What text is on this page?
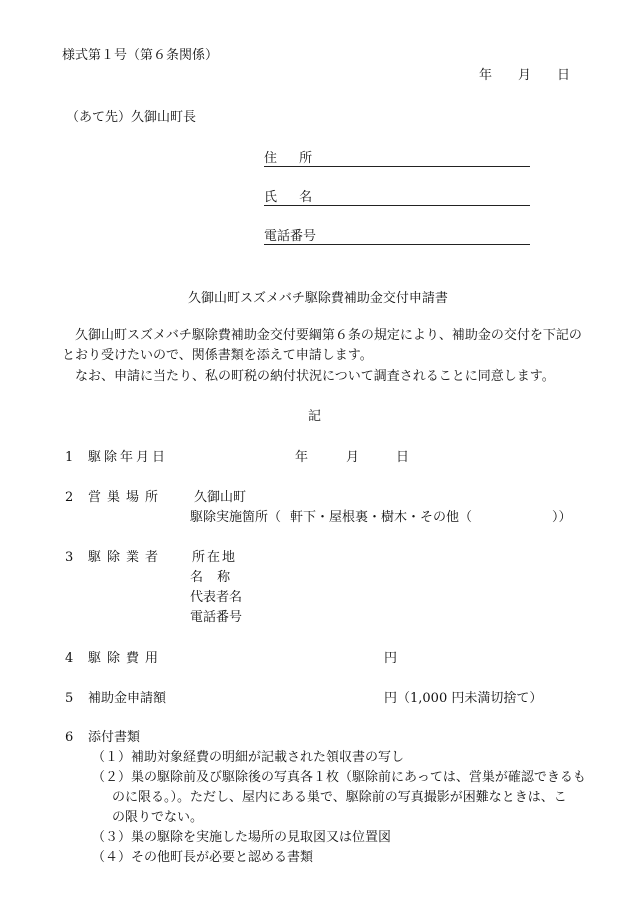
様式第１号（第６条関係）
年 月 日
（あて先）久御山町長
住 所
氏 名
電話番号
久御山町スズメバチ駆除費補助金交付申請書
久御山町スズメバチ駆除費補助金交付要綱第６条の規定により、補助金の交付を下記の
とおり受けたいので、関係書類を添えて申請します。
なお、申請に当たり、私の町税の納付状況について調査されることに同意します。
記
1 駆除年月日	年	月	日
2 営巣場所 久御山町
駆除実施箇所（ 軒下・屋根裏・樹木・その他（	））
3 駆除業者 所在地
名 称
代表者名
電話番号
4 駆除費用	円
5 補助金申請額	円（1,000 円未満切捨て）
6 添付書類
（１）補助対象経費の明細が記載された領収書の写し
（２）巣の駆除前及び駆除後の写真各１枚（駆除前にあっては、営巣が確認できるも
のに限る。）。ただし、屋内にある巣で、駆除前の写真撮影が困難なときは、こ
の限りでない。
（３）巣の駆除を実施した場所の見取図又は位置図
（４）その他町長が必要と認める書類
